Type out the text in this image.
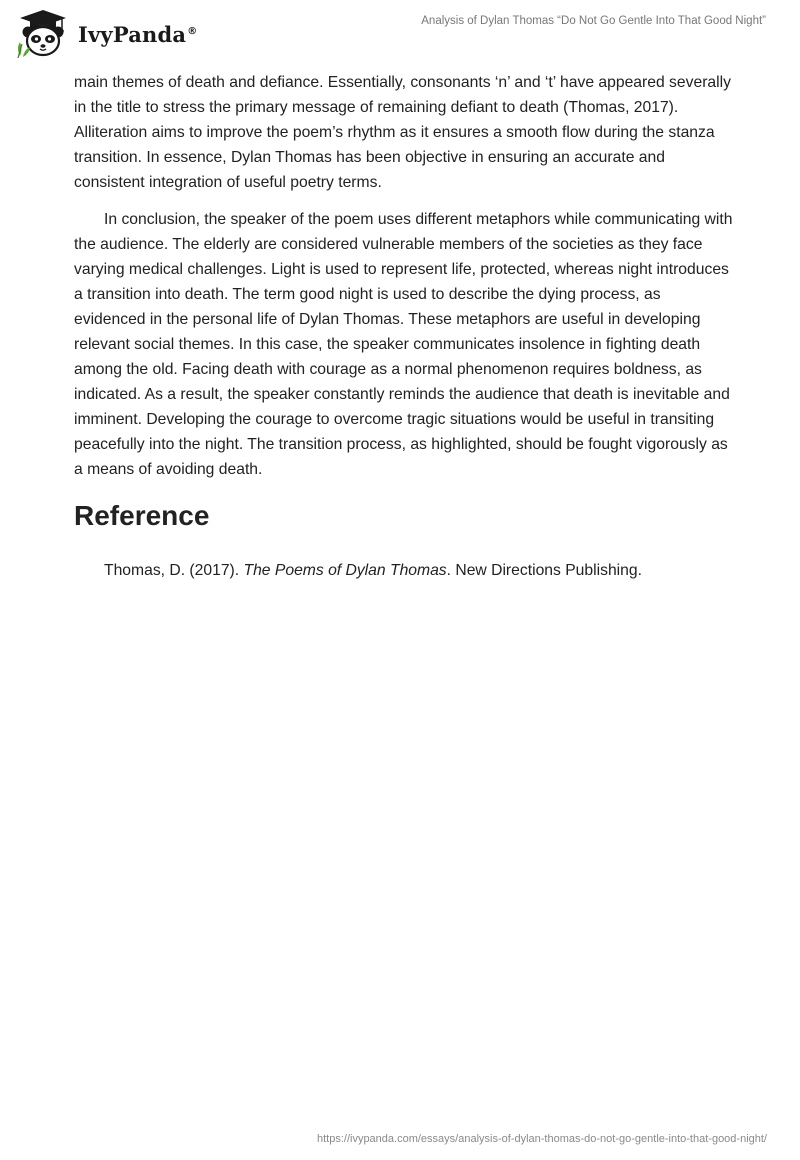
IvyPanda®
Analysis of Dylan Thomas “Do Not Go Gentle Into That Good Night”

main themes of death and defiance. Essentially, consonants ‘n’ and ‘t’ have appeared severally in the title to stress the primary message of remaining defiant to death (Thomas, 2017). Alliteration aims to improve the poem’s rhythm as it ensures a smooth flow during the stanza transition. In essence, Dylan Thomas has been objective in ensuring an accurate and consistent integration of useful poetry terms.

In conclusion, the speaker of the poem uses different metaphors while communicating with the audience. The elderly are considered vulnerable members of the societies as they face varying medical challenges. Light is used to represent life, protected, whereas night introduces a transition into death. The term good night is used to describe the dying process, as evidenced in the personal life of Dylan Thomas. These metaphors are useful in developing relevant social themes. In this case, the speaker communicates insolence in fighting death among the old. Facing death with courage as a normal phenomenon requires boldness, as indicated. As a result, the speaker constantly reminds the audience that death is inevitable and imminent. Developing the courage to overcome tragic situations would be useful in transiting peacefully into the night. The transition process, as highlighted, should be fought vigorously as a means of avoiding death.

Reference

Thomas, D. (2017). The Poems of Dylan Thomas. New Directions Publishing.

https://ivypanda.com/essays/analysis-of-dylan-thomas-do-not-go-gentle-into-that-good-night/
